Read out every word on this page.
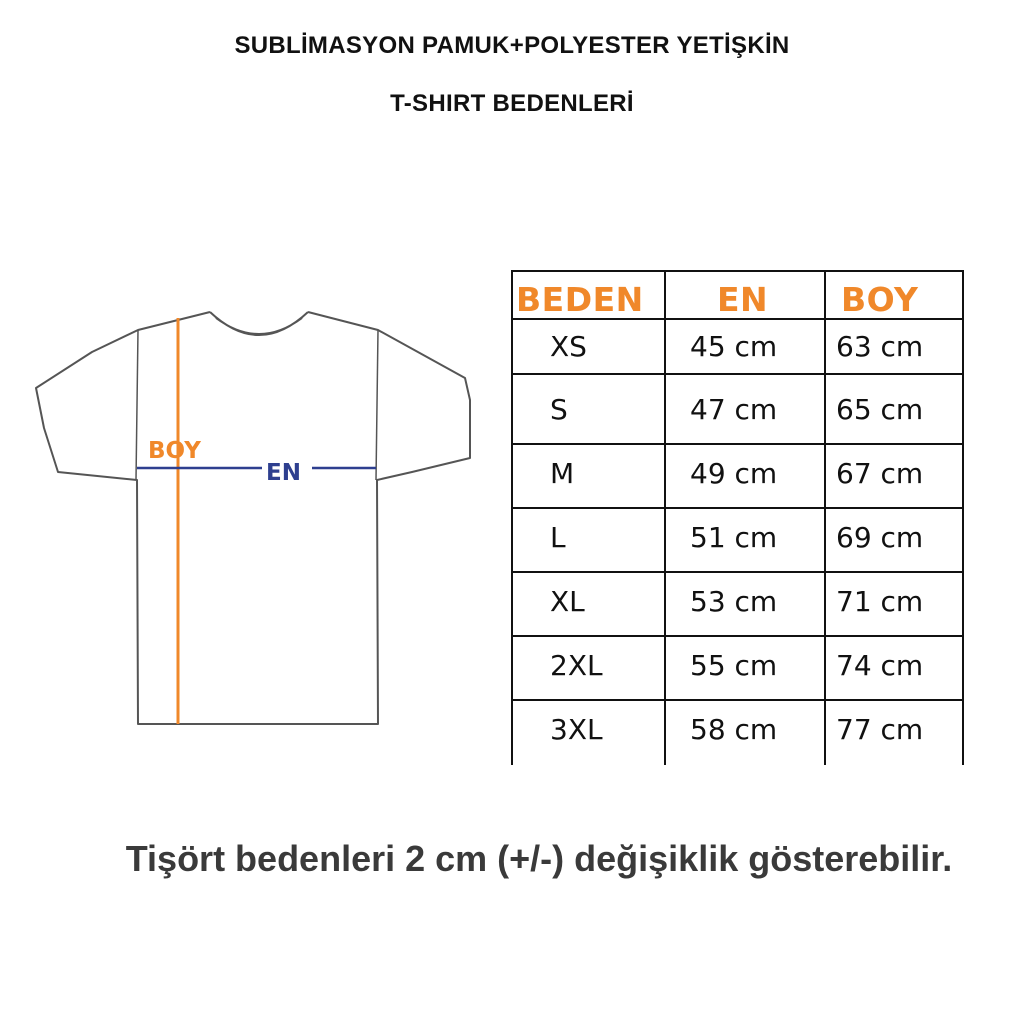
SUBLİMASYON PAMUK+POLYESTER YETİŞKİN
T-SHIRT BEDENLERİ
BOY
EN
BEDEN EN BOY
XS	45 cm 63 cm
S	47 cm 65 cm
M	49 cm 67 cm
L	51 cm 69 cm
XL	53 cm 71 cm
2XL	55 cm 74 cm
3XL	58 cm 77 cm
Tişört bedenleri 2 cm (+/-) değişiklik gösterebilir.
